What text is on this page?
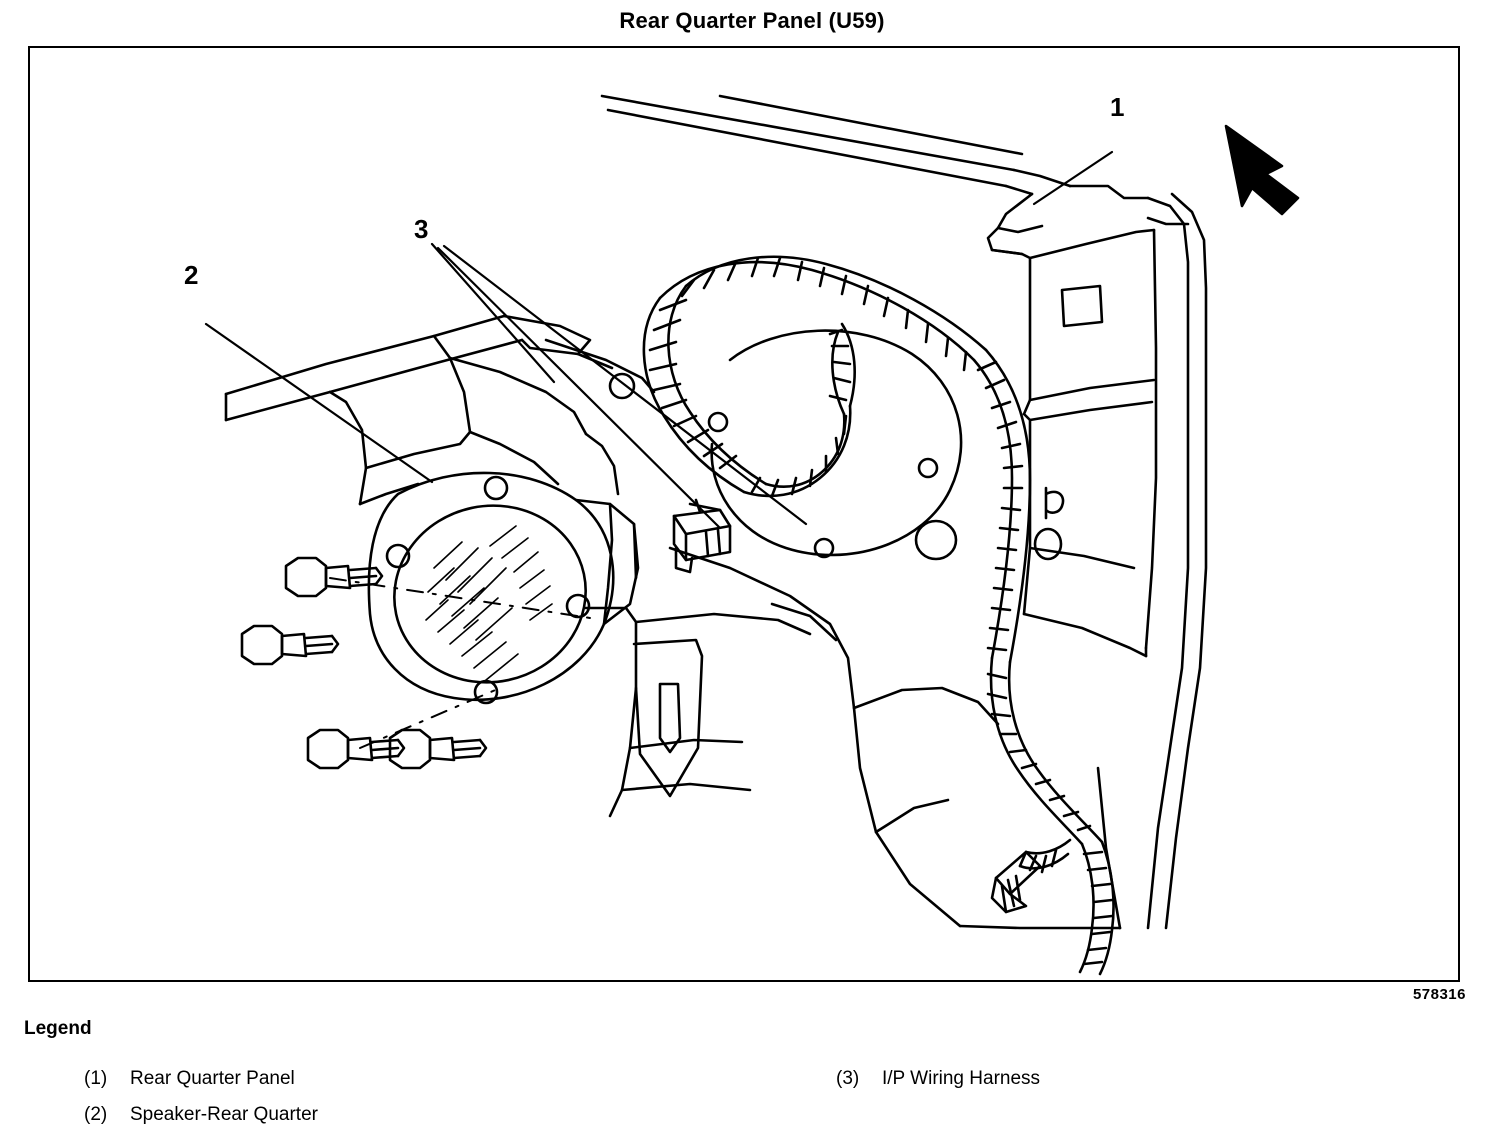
Rear Quarter Panel (U59)
1
2
3
578316
Legend
(1) Rear Quarter Panel
(2) Speaker-Rear Quarter
(3) I/P Wiring Harness
